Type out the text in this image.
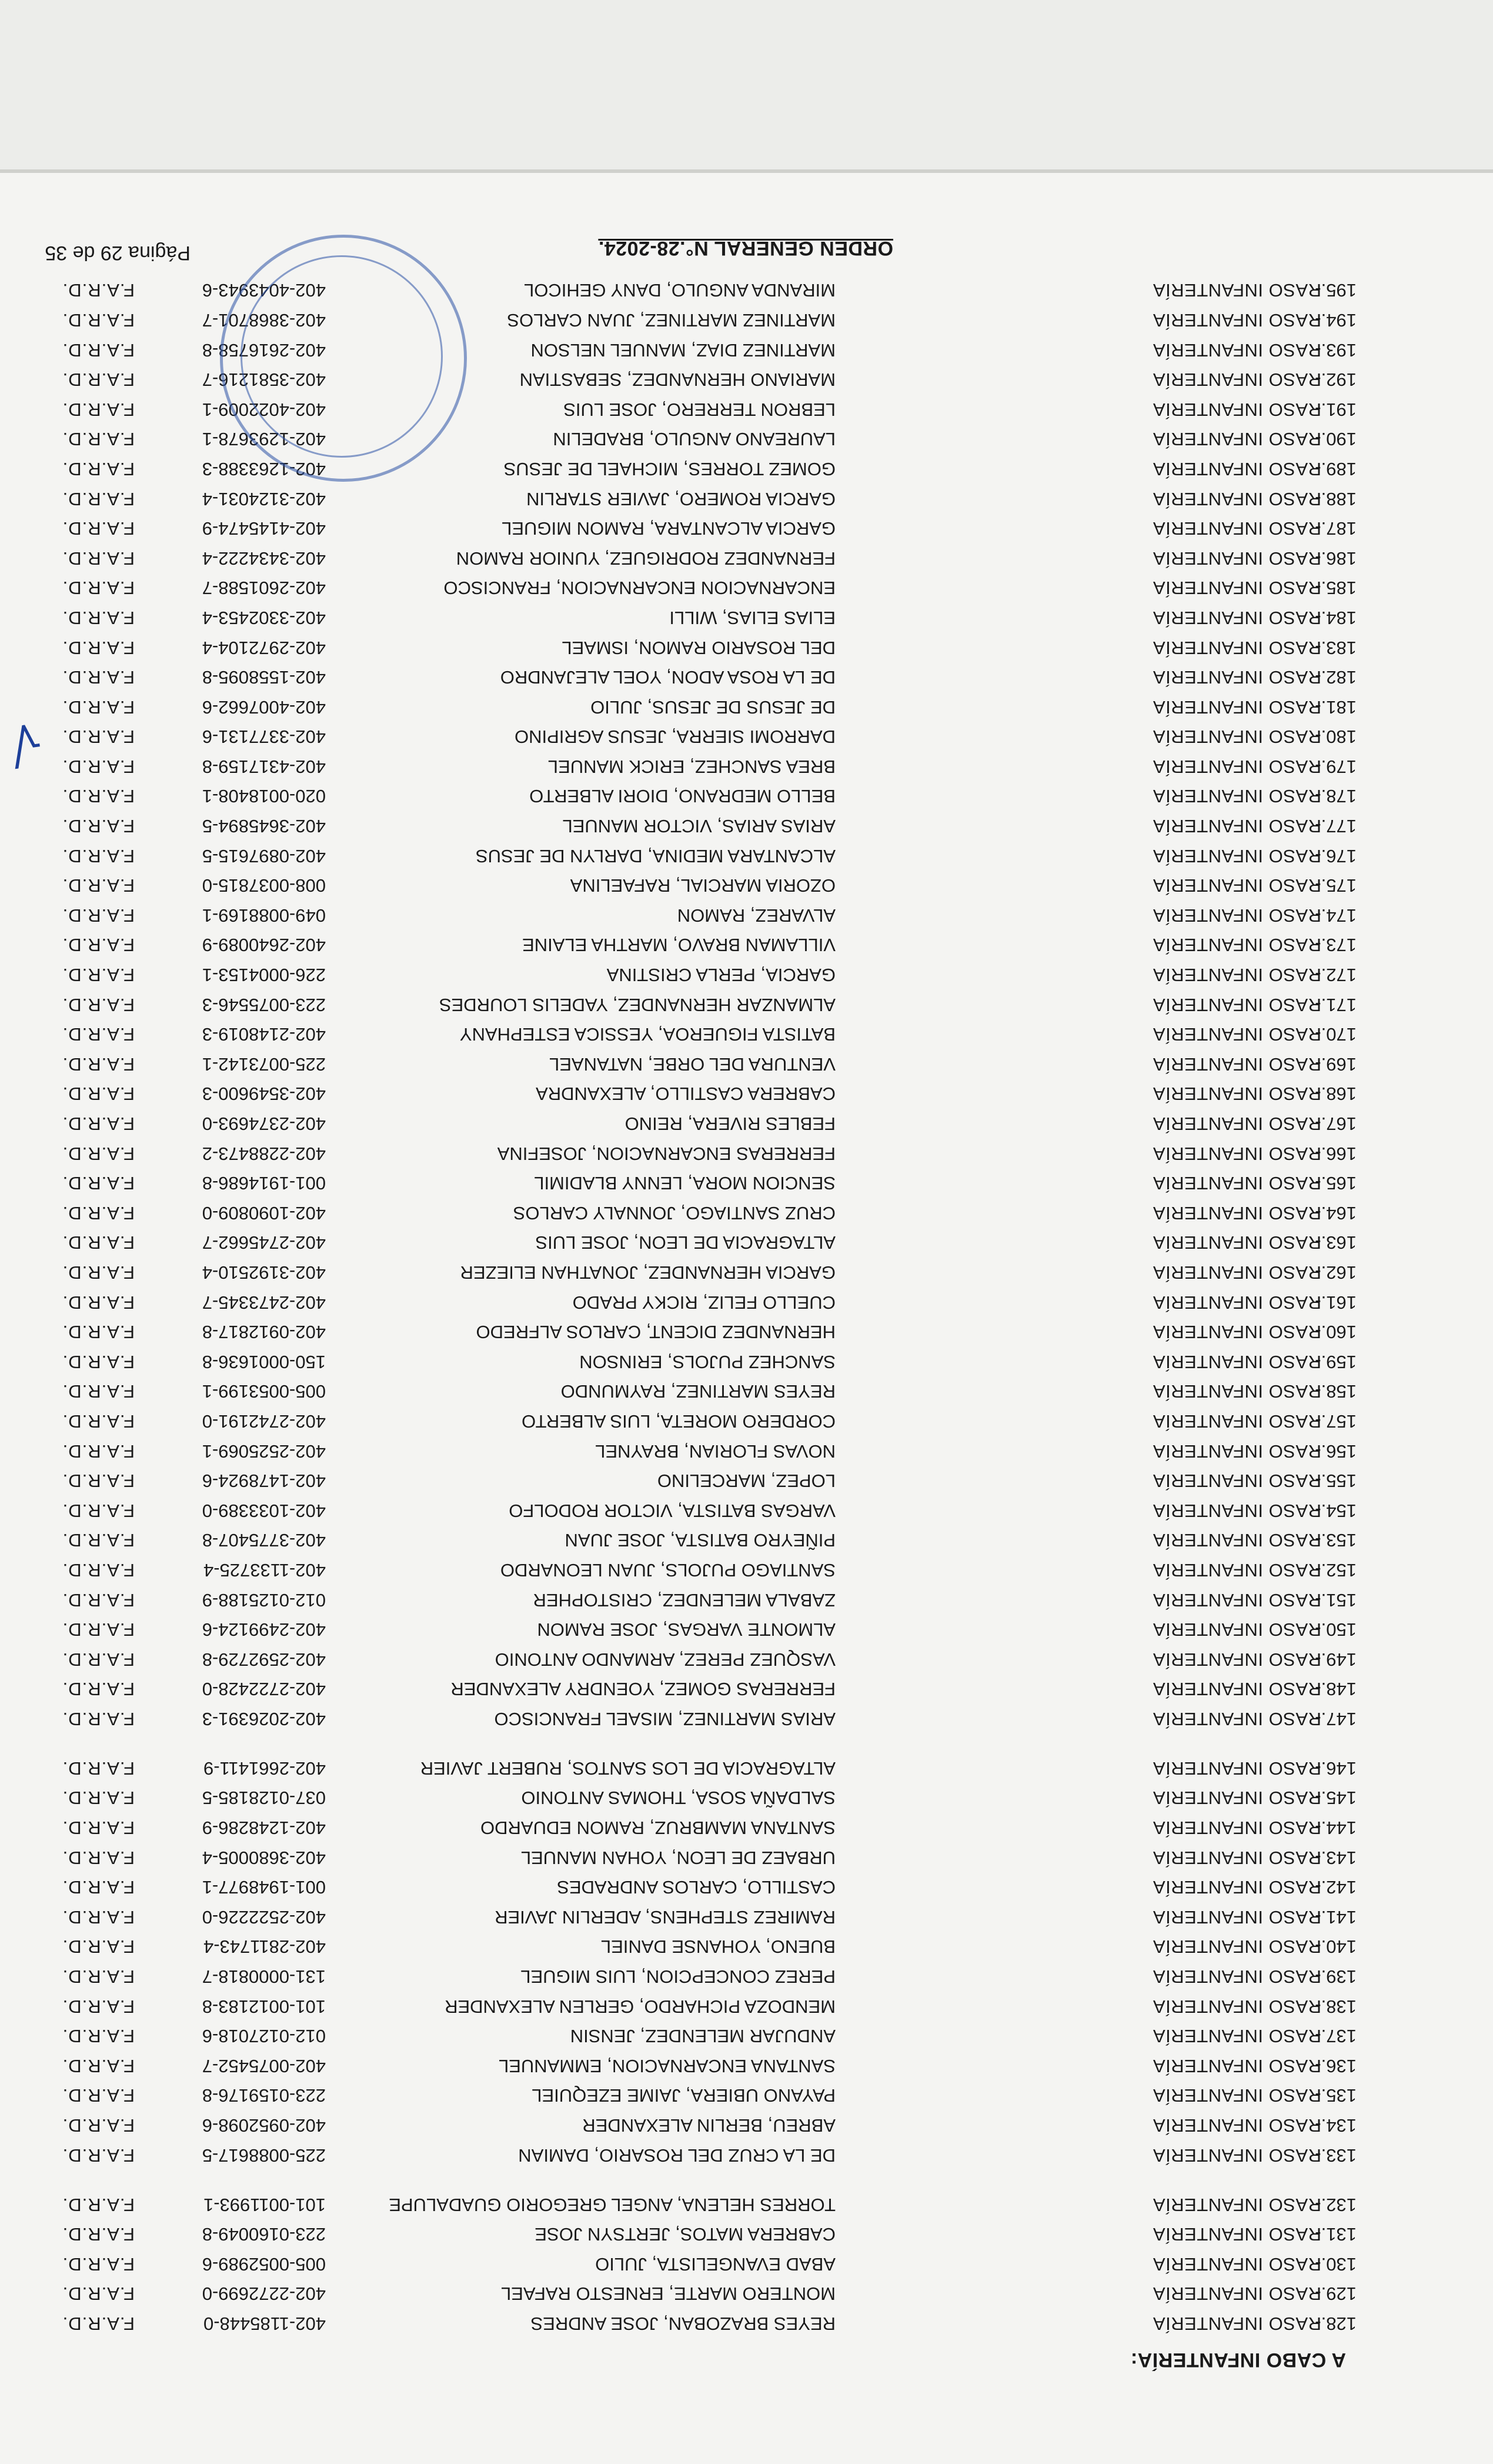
A CABO INFANTERÍA:
128.-
RASO INFANTERÍA
REYES BRAZOBAN, JOSE ANDRES
402-1185448-0
F.A.R.D.
129.-
RASO INFANTERÍA
MONTERO MARTE, ERNESTO RAFAEL
402-2272699-0
F.A.R.D.
130.-
RASO INFANTERÍA
ABAD EVANGELISTA, JULIO
005-0052989-6
F.A.R.D.
131.-
RASO INFANTERÍA
CABRERA MATOS, JERTSYN JOSE
223-0160049-8
F.A.R.D.
132.-
RASO INFANTERÍA
TORRES HELENA, ANGEL GREGORIO GUADALUPE
101-0011993-1
F.A.R.D.
133.-
RASO INFANTERÍA
DE LA CRUZ DEL ROSARIO, DAMIAN
225-0088617-5
F.A.R.D.
134.-
RASO INFANTERÍA
ABREU, BERLIN ALEXANDER
402-0952098-6
F.A.R.D.
135.-
RASO INFANTERÍA
PAYANO UBIERA, JAIME EZEQUIEL
223-0159176-8
F.A.R.D.
136.-
RASO INFANTERÍA
SANTANA ENCARNACION, EMMANUEL
402-0075452-7
F.A.R.D.
137.-
RASO INFANTERÍA
ANDUJAR MELENDEZ, JENSIN
012-0127018-6
F.A.R.D.
138.-
RASO INFANTERÍA
MENDOZA PICHARDO, GERLEN ALEXANDER
101-0012183-8
F.A.R.D.
139.-
RASO INFANTERÍA
PEREZ CONCEPCION, LUIS MIGUEL
131-0000818-7
F.A.R.D.
140.-
RASO INFANTERÍA
BUENO, YOHANSE DANIEL
402-2811743-4
F.A.R.D.
141.-
RASO INFANTERÍA
RAMIREZ STEPHENS, ADERLIN JAVIER
402-2522226-0
F.A.R.D.
142.-
RASO INFANTERÍA
CASTILLO, CARLOS ANDRADES
001-1948977-1
F.A.R.D.
143.-
RASO INFANTERÍA
URBAEZ DE LEON, YOHAN MANUEL
402-3680005-4
F.A.R.D.
144.-
RASO INFANTERÍA
SANTANA MAMBRUZ, RAMON EDUARDO
402-1248286-9
F.A.R.D.
145.-
RASO INFANTERÍA
SALDAÑA SOSA, THOMAS ANTONIO
037-0128185-5
F.A.R.D.
146.-
RASO INFANTERÍA
ALTAGRACIA DE LOS SANTOS, RUBERT JAVIER
402-2661411-9
F.A.R.D.
147.-
RASO INFANTERÍA
ARIAS MARTINEZ, MISAEL FRANCISCO
402-2026391-3
F.A.R.D.
148.-
RASO INFANTERÍA
FERRERAS GOMEZ, YOENDRY ALEXANDER
402-2722428-0
F.A.R.D.
149.-
RASO INFANTERÍA
VASQUEZ PEREZ, ARMANDO ANTONIO
402-2592729-8
F.A.R.D.
150.-
RASO INFANTERÍA
ALMONTE VARGAS, JOSE RAMON
402-2499124-6
F.A.R.D.
151.-
RASO INFANTERÍA
ZABALA MELENDEZ, CRISTOPHER
012-0125188-9
F.A.R.D.
152.-
RASO INFANTERÍA
SANTIAGO PUJOLS, JUAN LEONARDO
402-1133725-4
F.A.R.D.
153.-
RASO INFANTERÍA
PIÑEYRO BATISTA, JOSE JUAN
402-3775407-8
F.A.R.D.
154.-
RASO INFANTERÍA
VARGAS BATISTA, VICTOR RODOLFO
402-1033389-0
F.A.R.D.
155.-
RASO INFANTERÍA
LOPEZ, MARCELINO
402-1478924-6
F.A.R.D.
156.-
RASO INFANTERÍA
NOVAS FLORIAN, BRAYNEL
402-2525069-1
F.A.R.D.
157.-
RASO INFANTERÍA
CORDERO MORETA, LUIS ALBERTO
402-2742191-0
F.A.R.D.
158.-
RASO INFANTERÍA
REYES MARTINEZ, RAYMUNDO
005-0053199-1
F.A.R.D.
159.-
RASO INFANTERÍA
SANCHEZ PUJOLS, ERINSON
150-0001636-8
F.A.R.D.
160.-
RASO INFANTERÍA
HERNANDEZ DICENT, CARLOS ALFREDO
402-0912817-8
F.A.R.D.
161.-
RASO INFANTERÍA
CUELLO FELIZ, RICKY PRADO
402-2473345-7
F.A.R.D.
162.-
RASO INFANTERÍA
GARCIA HERNANDEZ, JONATHAN ELIEZER
402-3192510-4
F.A.R.D.
163.-
RASO INFANTERÍA
ALTAGRACIA DE LEON, JOSE LUIS
402-2745662-7
F.A.R.D.
164.-
RASO INFANTERÍA
CRUZ SANTIAGO, JONNALY CARLOS
402-1090809-0
F.A.R.D.
165.-
RASO INFANTERÍA
SENCION MORA, LENNY BLADIMIL
001-1914686-8
F.A.R.D.
166.-
RASO INFANTERÍA
FERRERAS ENCARNACION, JOSEFINA
402-2288473-2
F.A.R.D.
167.-
RASO INFANTERÍA
FEBLES RIVERA, REINO
402-2374693-0
F.A.R.D.
168.-
RASO INFANTERÍA
CABRERA CASTILLO, ALEXANDRA
402-3549600-3
F.A.R.D.
169.-
RASO INFANTERÍA
VENTURA DEL ORBE, NATANAEL
225-0073142-1
F.A.R.D.
170.-
RASO INFANTERÍA
BATISTA FIGUEROA, YESSICA ESTEPHANY
402-2148019-3
F.A.R.D.
171.-
RASO INFANTERÍA
ALMANZAR HERNANDEZ, YADELIS LOURDES
223-0075546-3
F.A.R.D.
172.-
RASO INFANTERÍA
GARCIA, PERLA CRISTINA
226-0004153-1
F.A.R.D.
173.-
RASO INFANTERÍA
VILLAMAN BRAVO, MARTHA ELAINE
402-2640089-9
F.A.R.D.
174.-
RASO INFANTERÍA
ALVAREZ, RAMON
049-0088169-1
F.A.R.D.
175.-
RASO INFANTERÍA
OZORIA MARCIAL, RAFAELINA
008-0037815-0
F.A.R.D.
176.-
RASO INFANTERÍA
ALCANTARA MEDINA, DARLYN DE JESUS
402-0897615-5
F.A.R.D.
177.-
RASO INFANTERÍA
ARIAS ARIAS, VICTOR MANUEL
402-3645894-5
F.A.R.D.
178.-
RASO INFANTERÍA
BELLO MEDRANO, DIORI ALBERTO
020-0018408-1
F.A.R.D.
179.-
RASO INFANTERÍA
BREA SANCHEZ, ERICK MANUEL
402-4317159-8
F.A.R.D.
180.-
RASO INFANTERÍA
DARROMI SIERRA, JESUS AGRIPINO
402-3377131-6
F.A.R.D.
181.-
RASO INFANTERÍA
DE JESUS DE JESUS, JULIO
402-4007662-6
F.A.R.D.
182.-
RASO INFANTERÍA
DE LA ROSA ADON, YOEL ALEJANDRO
402-1558095-8
F.A.R.D.
183.-
RASO INFANTERÍA
DEL ROSARIO RAMON, ISMAEL
402-2972104-4
F.A.R.D.
184.-
RASO INFANTERÍA
ELIAS ELIAS, WILLI
402-3302453-4
F.A.R.D.
185.-
RASO INFANTERÍA
ENCARNACION ENCARNACION, FRANCISCO
402-2601588-7
F.A.R.D.
186.-
RASO INFANTERÍA
FERNANDEZ RODRIGUEZ, YUNIOR RAMON
402-3434222-4
F.A.R.D.
187.-
RASO INFANTERÍA
GARCIA ALCANTARA, RAMON MIGUEL
402-4145474-9
F.A.R.D.
188.-
RASO INFANTERÍA
GARCIA ROMERO, JAVIER STARLIN
402-3124031-4
F.A.R.D.
189.-
RASO INFANTERÍA
GOMEZ TORRES, MICHAEL DE JESUS
402-1263388-3
F.A.R.D.
190.-
RASO INFANTERÍA
LAUREANO ANGULO, BRADELIN
402-1293678-1
F.A.R.D.
191.-
RASO INFANTERÍA
LEBRON TERRERO, JOSE LUIS
402-4022009-1
F.A.R.D.
192.-
RASO INFANTERÍA
MARIANO HERNANDEZ, SEBASTIAN
402-3581216-7
F.A.R.D.
193.-
RASO INFANTERÍA
MARTINEZ DIAZ, MANUEL NELSON
402-2616758-8
F.A.R.D.
194.-
RASO INFANTERÍA
MARTINEZ MARTINEZ, JUAN CARLOS
402-3868701-7
F.A.R.D.
195.-
RASO INFANTERÍA
MIRANDA ANGULO, DANY GEHICOL
402-4043943-6
F.A.R.D.
√
ORDEN GENERAL N°.28-2024.
Página 29 de 35
